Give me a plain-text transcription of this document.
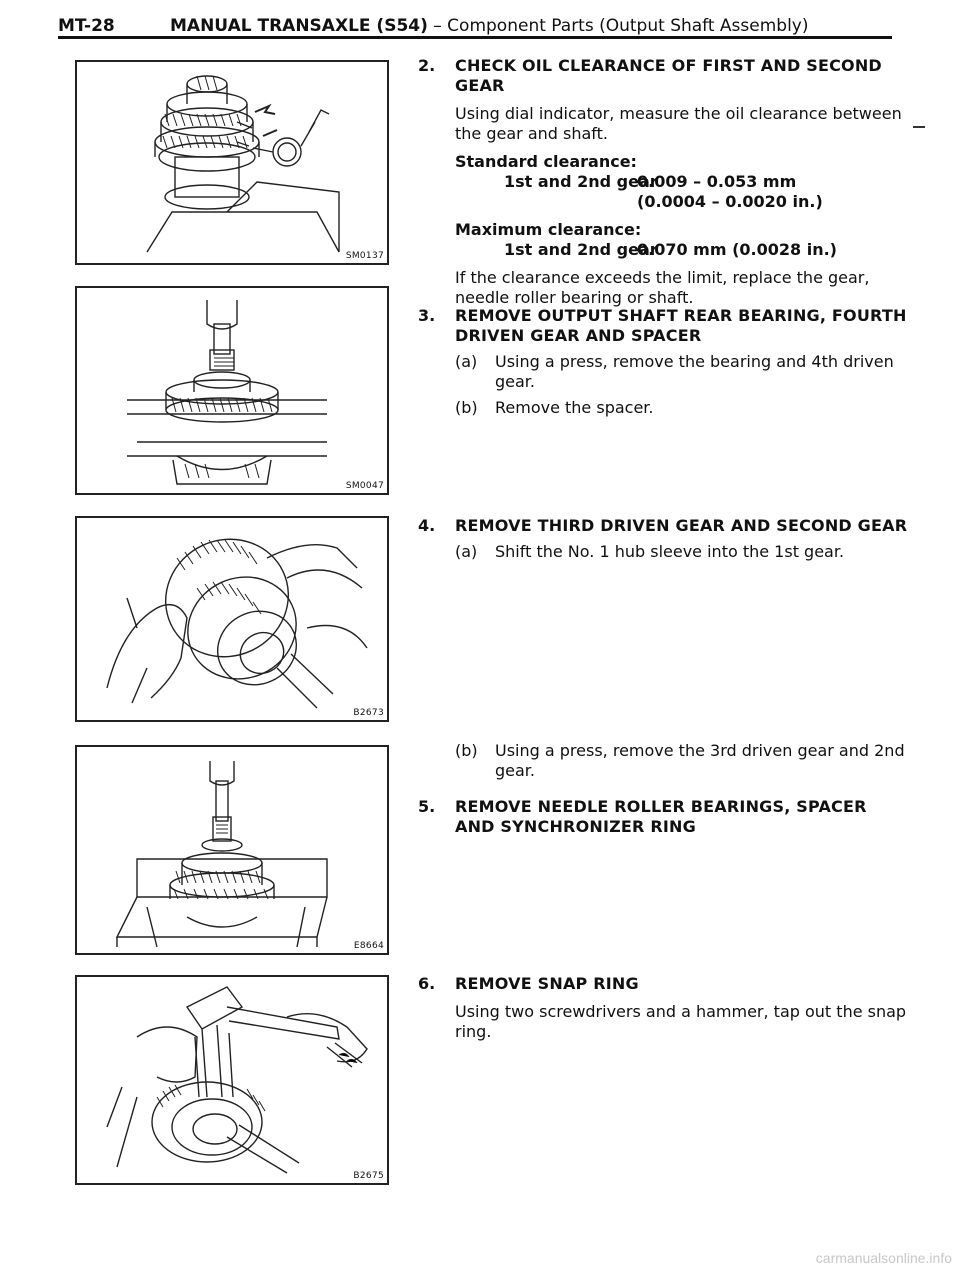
MT-28	MANUAL TRANSAXLE (S54) – Component Parts (Output Shaft Assembly)
SM0137
SM0047
B2673
E8664
B2675
2. CHECK OIL CLEARANCE OF FIRST AND SECOND GEAR
Using dial indicator, measure the oil clearance between the gear and shaft.
Standard clearance:
1st and 2nd gear
0.009 – 0.053 mm
(0.0004 – 0.0020 in.)
Maximum clearance:
1st and 2nd gear
0.070 mm (0.0028 in.)
If the clearance exceeds the limit, replace the gear, needle roller bearing or shaft.
3. REMOVE OUTPUT SHAFT REAR BEARING, FOURTH DRIVEN GEAR AND SPACER
(a) Using a press, remove the bearing and 4th driven gear.
(b) Remove the spacer.
4. REMOVE THIRD DRIVEN GEAR AND SECOND GEAR
(a) Shift the No. 1 hub sleeve into the 1st gear.
(b) Using a press, remove the 3rd driven gear and 2nd gear.
5. REMOVE NEEDLE ROLLER BEARINGS, SPACER AND SYNCHRONIZER RING
6. REMOVE SNAP RING
Using two screwdrivers and a hammer, tap out the snap ring.
carmanualsonline.info
